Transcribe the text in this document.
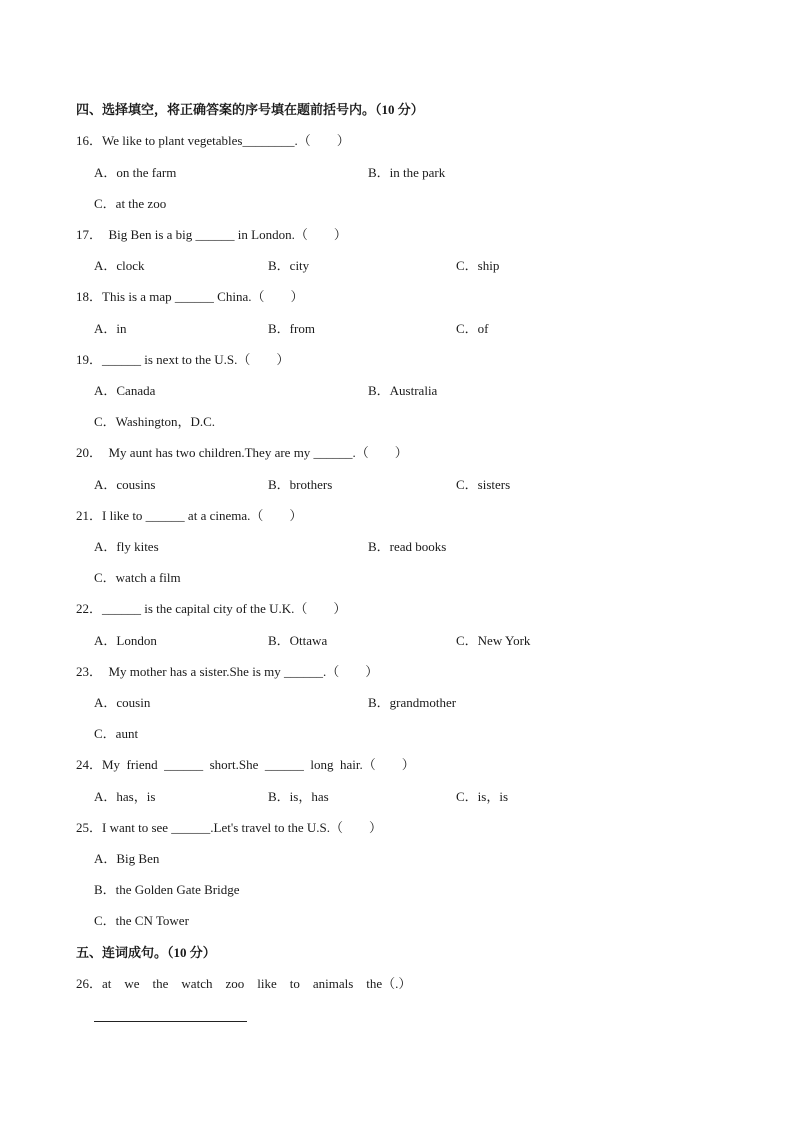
四、选择填空，将正确答案的序号填在题前括号内。（10 分）
16．We like to plant vegetables________.（　　）
A．on the farm	B．in the park
C．at the zoo
17．  Big Ben is a big ______ in London.（　　）
A．clock	B．city	C．ship
18．This is a map ______ China.（　　）
A．in	B．from	C．of
19．______ is next to the U.S.（　　）
A．Canada	B．Australia
C．Washington，D.C.
20．  My aunt has two children.They are my ______.（　　）
A．cousins	B．brothers	C．sisters
21．I like to ______ at a cinema.（　　）
A．fly kites	B．read books
C．watch a film
22．______ is the capital city of the U.K.（　　）
A．London	B．Ottawa	C．New York
23．  My mother has a sister.She is my ______.（　　）
A．cousin	B．grandmother
C．aunt
24．My  friend  ______  short.She  ______  long  hair.（　　）
A．has，is	B．is，has	C．is，is
25．I want to see ______.Let's travel to the U.S.（　　）
A．Big Ben
B．the Golden Gate Bridge
C．the CN Tower
五、连词成句。（10 分）
26．at    we    the    watch    zoo    like    to    animals    the（.）
